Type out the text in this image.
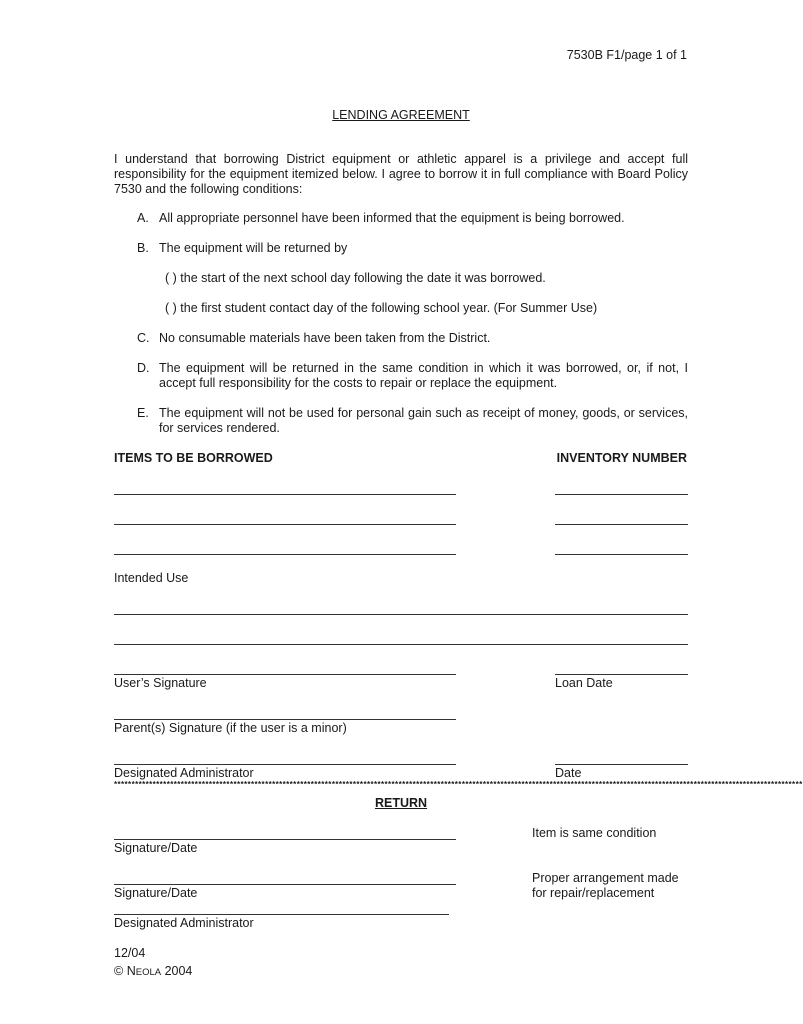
7530B F1/page 1 of 1
LENDING AGREEMENT
I understand that borrowing District equipment or athletic apparel is a privilege and accept full responsibility for the equipment itemized below. I agree to borrow it in full compliance with Board Policy 7530 and the following conditions:
A. All appropriate personnel have been informed that the equipment is being borrowed.
B. The equipment will be returned by
( ) the start of the next school day following the date it was borrowed.
( ) the first student contact day of the following school year. (For Summer Use)
C. No consumable materials have been taken from the District.
D. The equipment will be returned in the same condition in which it was borrowed, or, if not, I accept full responsibility for the costs to repair or replace the equipment.
E. The equipment will not be used for personal gain such as receipt of money, goods, or services, for services rendered.
ITEMS TO BE BORROWED	INVENTORY NUMBER
Intended Use
User’s Signature	Loan Date
Parent(s) Signature (if the user is a minor)
Designated Administrator	Date
****************************************************************************************************************************************************************************************************
RETURN
Item is same condition
Signature/Date
Proper arrangement made
for repair/replacement
Signature/Date
Designated Administrator
12/04
© NEOLA 2004
